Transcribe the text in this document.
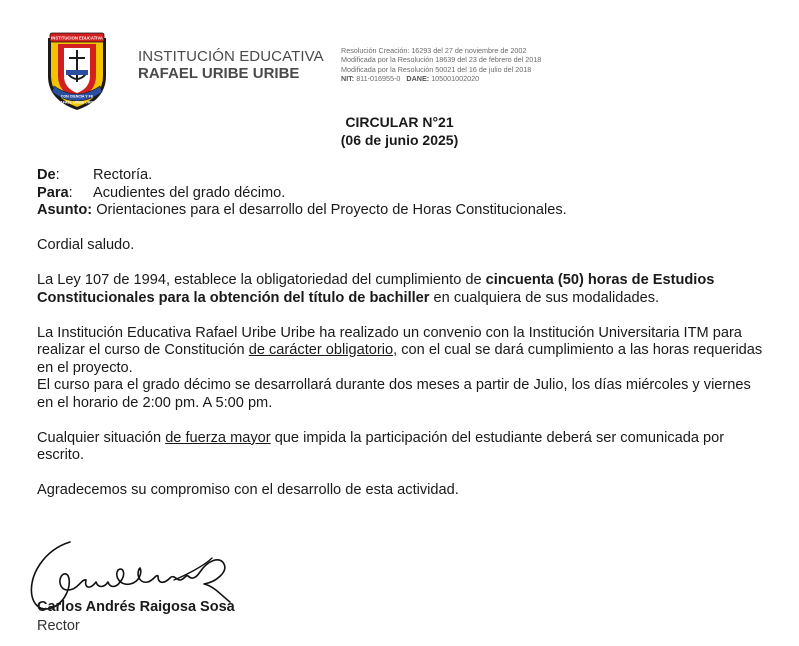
INSTITUCION EDUCATIVA
CON CIENCIA Y FE
RAFAEL URIBE URIBE
INSTITUCIÓN EDUCATIVA
RAFAEL URIBE URIBE
Resolución Creación: 16293 del 27 de noviembre de 2002
Modificada por la Resolución 18639 del 23 de febrero del 2018
Modificada por la Resolución 50021 del 16 de julio del 2018
NIT: 811-016955-0 DANE: 105001002020
CIRCULAR N°21
(06 de junio 2025)
De:	Rectoría.
Para:	Acudientes del grado décimo.
Asunto: Orientaciones para el desarrollo del Proyecto de Horas Constitucionales.

Cordial saludo.

La Ley 107 de 1994, establece la obligatoriedad del cumplimiento de cincuenta (50) horas de Estudios Constitucionales para la obtención del título de bachiller en cualquiera de sus modalidades.

La Institución Educativa Rafael Uribe Uribe ha realizado un convenio con la Institución Universitaria ITM para realizar el curso de Constitución de carácter obligatorio, con el cual se dará cumplimiento a las horas requeridas en el proyecto.

El curso para el grado décimo se desarrollará durante dos meses a partir de Julio, los días miércoles y viernes en el horario de 2:00 pm. A 5:00 pm.

Cualquier situación de fuerza mayor que impida la participación del estudiante deberá ser comunicada por escrito.

Agradecemos su compromiso con el desarrollo de esta actividad.

Carlos Andrés Raigosa Sosa
Rector
